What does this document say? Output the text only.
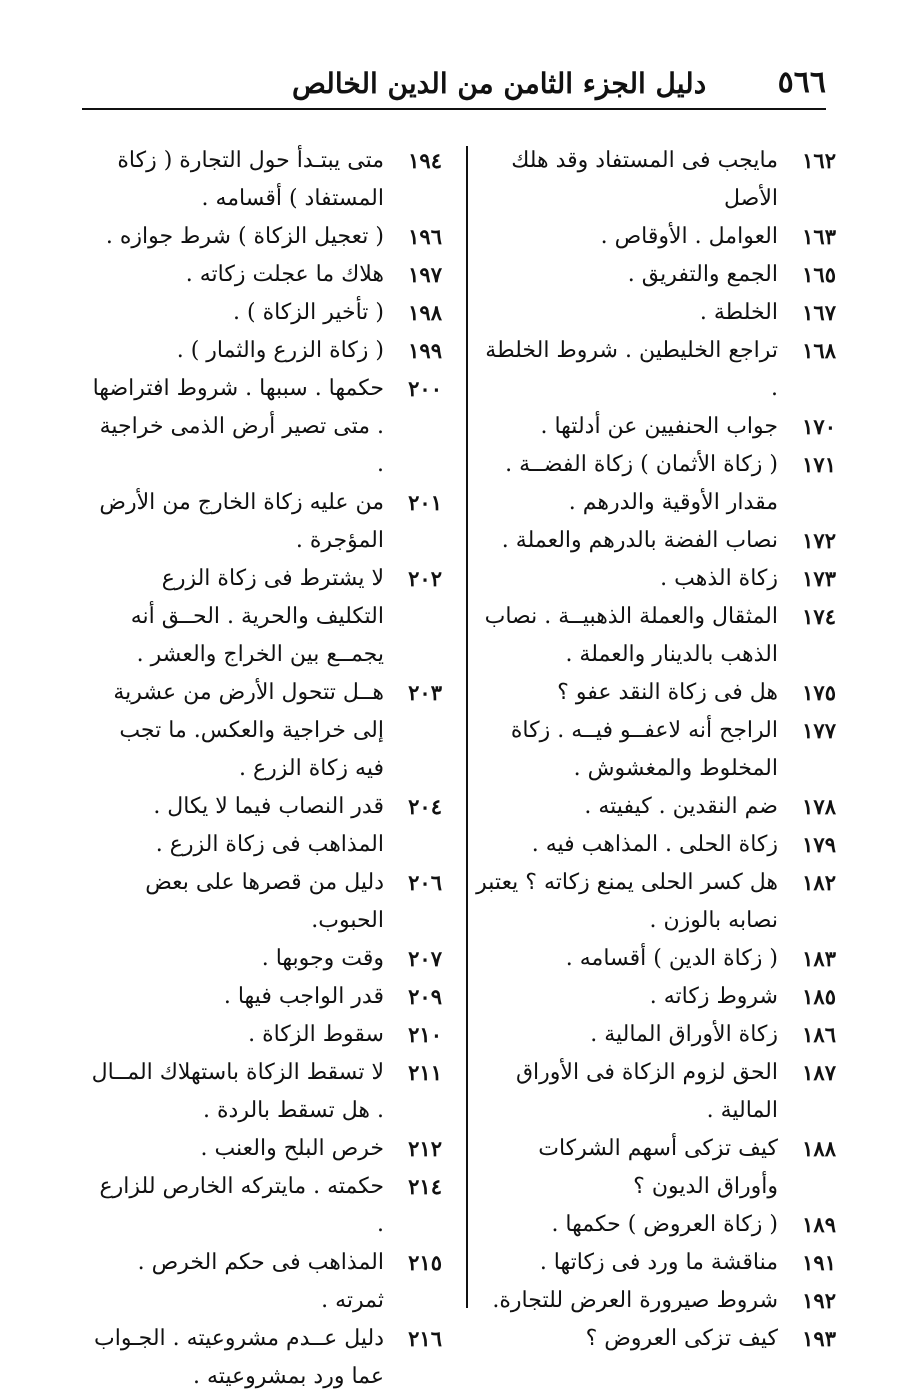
٥٦٦
دليل الجزء الثامن من الدين الخالص
١٦٢
مايجب فى المستفاد وقد هلك الأصل
١٦٣
العوامل . الأوقاص .
١٦٥
الجمع والتفريق .
١٦٧
الخلطة .
١٦٨
تراجع الخليطين . شروط الخلطة .
١٧٠
جواب الحنفيين عن أدلتها .
١٧١
( زكاة الأثمان ) زكاة الفضــة . مقدار الأوقية والدرهم .
١٧٢
نصاب الفضة بالدرهم والعملة .
١٧٣
زكاة الذهب .
١٧٤
المثقال والعملة الذهبيــة . نصاب الذهب بالدينار والعملة .
١٧٥
هل فى زكاة النقد عفو ؟
١٧٧
الراجح أنه لاعفــو فيــه . زكاة المخلوط والمغشوش .
١٧٨
ضم النقدين . كيفيته .
١٧٩
زكاة الحلى . المذاهب فيه .
١٨٢
هل كسر الحلى يمنع زكاته ؟ يعتبر نصابه بالوزن .
١٨٣
( زكاة الدين ) أقسامه .
١٨٥
شروط زكاته .
١٨٦
زكاة الأوراق المالية .
١٨٧
الحق لزوم الزكاة فى الأوراق المالية .
١٨٨
كيف تزكى أسهم الشركات وأوراق الديون ؟
١٨٩
( زكاة العروض ) حكمها .
١٩١
مناقشة ما ورد فى زكاتها .
١٩٢
شروط صيرورة العرض للتجارة.
١٩٣
كيف تزكى العروض ؟
١٩٤
متى يبتـدأ حول التجارة ( زكاة المستفاد ) أقسامه .
١٩٦
( تعجيل الزكاة ) شرط جوازه .
١٩٧
هلاك ما عجلت زكاته .
١٩٨
( تأخير الزكاة ) .
١٩٩
( زكاة الزرع والثمار ) .
٢٠٠
حكمها . سببها . شروط افتراضها . متى تصير أرض الذمى خراجية .
٢٠١
من عليه زكاة الخارج من الأرض المؤجرة .
٢٠٢
لا يشترط فى زكاة الزرع التكليف والحرية . الحــق أنه يجمــع بين الخراج والعشر .
٢٠٣
هــل تتحول الأرض من عشرية إلى خراجية والعكس. ما تجب فيه زكاة الزرع .
٢٠٤
قدر النصاب فيما لا يكال . المذاهب فى زكاة الزرع .
٢٠٦
دليل من قصرها على بعض الحبوب.
٢٠٧
وقت وجوبها .
٢٠٩
قدر الواجب فيها .
٢١٠
سقوط الزكاة .
٢١١
لا تسقط الزكاة باستهلاك المــال . هل تسقط بالردة .
٢١٢
خرص البلح والعنب .
٢١٤
حكمته . مايتركه الخارص للزارع .
٢١٥
المذاهب فى حكم الخرص . ثمرته .
٢١٦
دليل عــدم مشروعيته . الجـواب عما ورد بمشروعيته .
